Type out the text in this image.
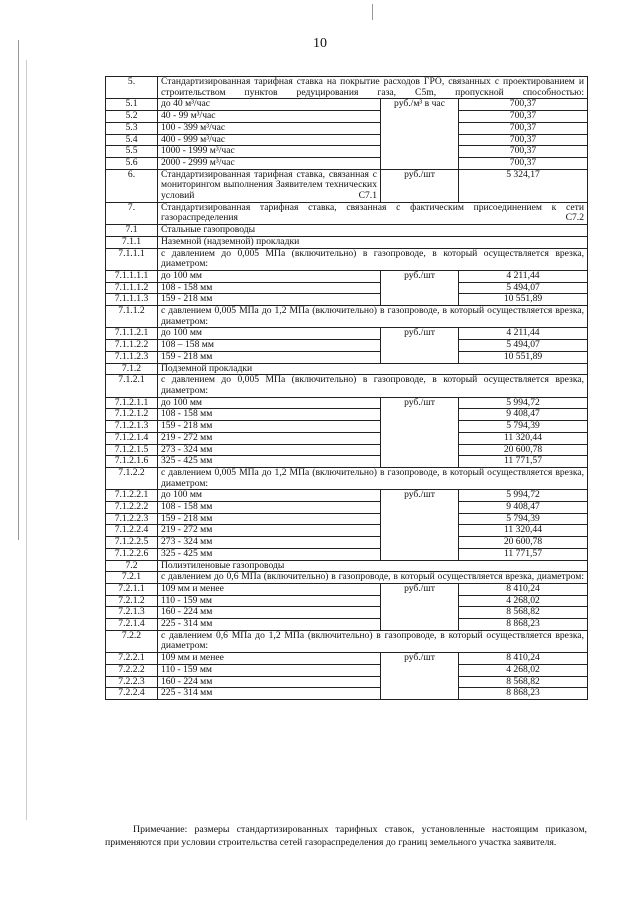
10
5.	Стандартизированная тарифная ставка на покрытие расходов ГРО, связанных с проектированием и строительством пунктов редуцирования газа, C5m, пропускной способностью:		
5.1	до 40 м³/час	руб./м³ в час	700,37
5.2	40 - 99 м³/час		700,37
5.3	100 - 399 м³/час		700,37
5.4	400 - 999 м³/час		700,37
5.5	1000 - 1999 м³/час		700,37
5.6	2000 - 2999 м³/час		700,37
6.	Стандартизированная тарифная ставка, связанная с мониторингом выполнения Заявителем технических условий C7.1	руб./шт	5 324,17
7.	Стандартизированная тарифная ставка, связанная с фактическим присоединением к сети газораспределения C7.2		
7.1	Стальные газопроводы		
7.1.1	Наземной (надземной) прокладки		
7.1.1.1	с давлением до 0,005 МПа (включительно) в газопроводе, в который осуществляется врезка, диаметром:		
7.1.1.1.1	до 100 мм	руб./шт	4 211,44
7.1.1.1.2	108 - 158 мм		5 494,07
7.1.1.1.3	159 - 218 мм		10 551,89
7.1.1.2	с давлением 0,005 МПа до 1,2 МПа (включительно) в газопроводе, в который осуществляется врезка, диаметром:		
7.1.1.2.1	до 100 мм	руб./шт	4 211,44
7.1.1.2.2	108 – 158 мм		5 494,07
7.1.1.2.3	159 - 218 мм		10 551,89
7.1.2	Подземной прокладки		
7.1.2.1	с давлением до 0,005 МПа (включительно) в газопроводе, в который осуществляется врезка, диаметром:		
7.1.2.1.1	до 100 мм	руб./шт	5 994,72
7.1.2.1.2	108 - 158 мм		9 408,47
7.1.2.1.3	159 - 218 мм		5 794,39
7.1.2.1.4	219 - 272 мм		11 320,44
7.1.2.1.5	273 - 324 мм		20 600,78
7.1.2.1.6	325 - 425 мм		11 771,57
7.1.2.2	с давлением 0,005 МПа до 1,2 МПа (включительно) в газопроводе, в который осуществляется врезка, диаметром:		
7.1.2.2.1	до 100 мм	руб./шт	5 994,72
7.1.2.2.2	108 - 158 мм		9 408,47
7.1.2.2.3	159 - 218 мм		5 794,39
7.1.2.2.4	219 - 272 мм		11 320,44
7.1.2.2.5	273 - 324 мм		20 600,78
7.1.2.2.6	325 - 425 мм		11 771,57
7.2	Полиэтиленовые газопроводы		
7.2.1	с давлением до 0,6 МПа (включительно) в газопроводе, в который осуществляется врезка, диаметром:		
7.2.1.1	109 мм и менее	руб./шт	8 410,24
7.2.1.2	110 - 159 мм		4 268,02
7.2.1.3	160 - 224 мм		8 568,82
7.2.1.4	225 - 314 мм		8 868,23
7.2.2	с давлением 0,6 МПа до 1,2 МПа (включительно) в газопроводе, в который осуществляется врезка, диаметром:		
7.2.2.1	109 мм и менее	руб./шт	8 410,24
7.2.2.2	110 - 159 мм		4 268,02
7.2.2.3	160 - 224 мм		8 568,82
7.2.2.4	225 - 314 мм		8 868,23

Примечание: размеры стандартизированных тарифных ставок, установленные настоящим приказом, применяются при условии строительства сетей газораспределения до границ земельного участка заявителя.
